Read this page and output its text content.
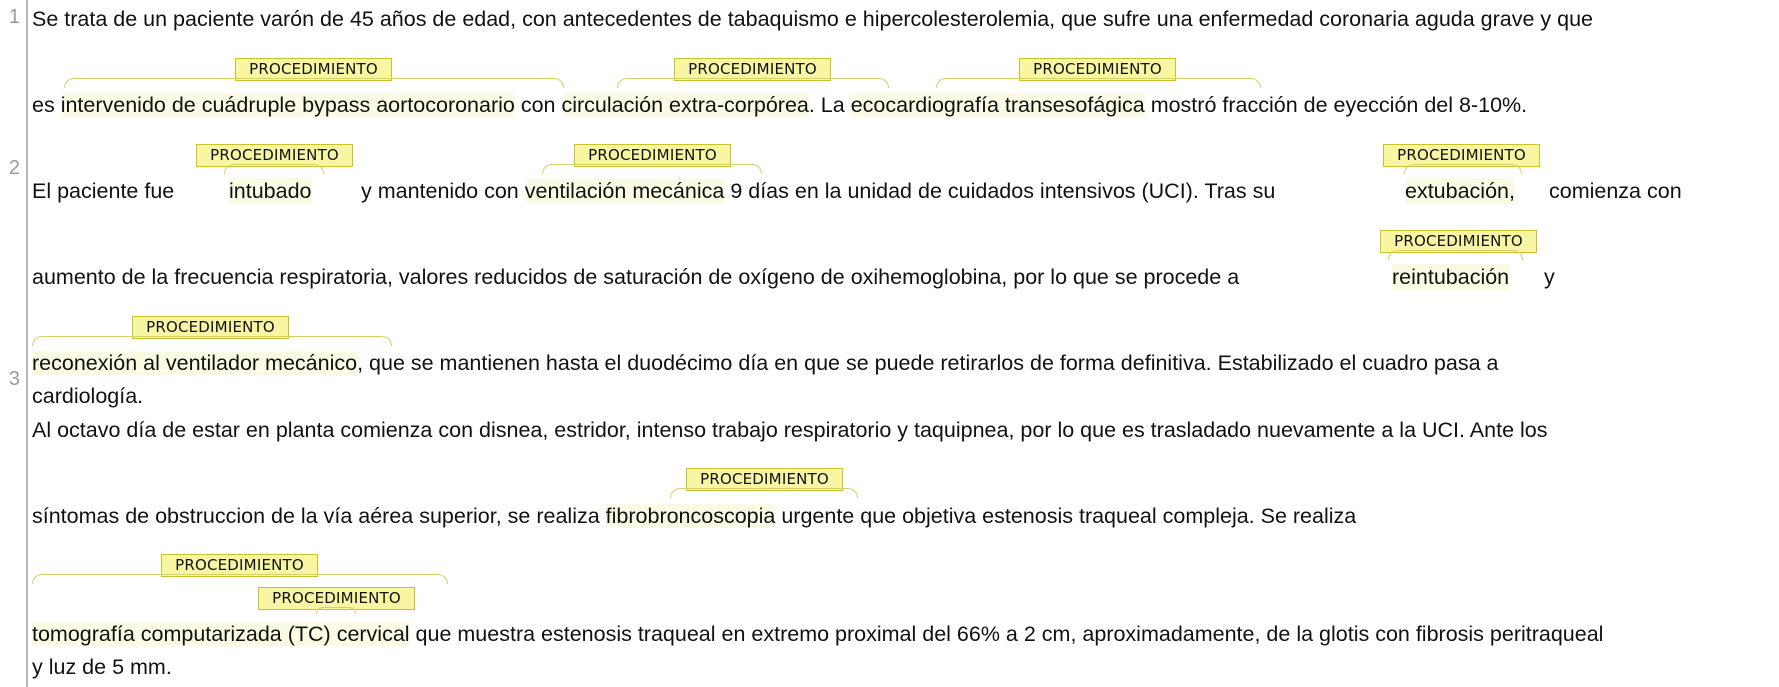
1
2
3
Se trata de un paciente varón de 45 años de edad, con antecedentes de tabaquismo e hipercolesterolemia, que sufre una enfermedad coronaria aguda grave y que
PROCEDIMIENTO	PROCEDIMIENTO	PROCEDIMIENTO
es intervenido de cuádruple bypass aortocoronario con circulación extra-corpórea. La ecocardiografía transesofágica mostró fracción de eyección del 8-10%.
PROCEDIMIENTO	PROCEDIMIENTO	PROCEDIMIENTO
El paciente fue	intubado y mantenido con ventilación mecánica 9 días en la unidad de cuidados intensivos (UCI). Tras su	extubación, comienza con
PROCEDIMIENTO
aumento de la frecuencia respiratoria, valores reducidos de saturación de oxígeno de oxihemoglobina, por lo que se procede a	reintubación y
PROCEDIMIENTO
reconexión al ventilador mecánico, que se mantienen hasta el duodécimo día en que se puede retirarlos de forma definitiva. Estabilizado el cuadro pasa a
cardiología.
Al octavo día de estar en planta comienza con disnea, estridor, intenso trabajo respiratorio y taquipnea, por lo que es trasladado nuevamente a la UCI. Ante los
PROCEDIMIENTO
síntomas de obstruccion de la vía aérea superior, se realiza fibrobroncoscopia urgente que objetiva estenosis traqueal compleja. Se realiza
PROCEDIMIENTO
PROCEDIMIENTO
tomografía computarizada (TC) cervical que muestra estenosis traqueal en extremo proximal del 66% a 2 cm, aproximadamente, de la glotis con fibrosis peritraqueal
y luz de 5 mm.
